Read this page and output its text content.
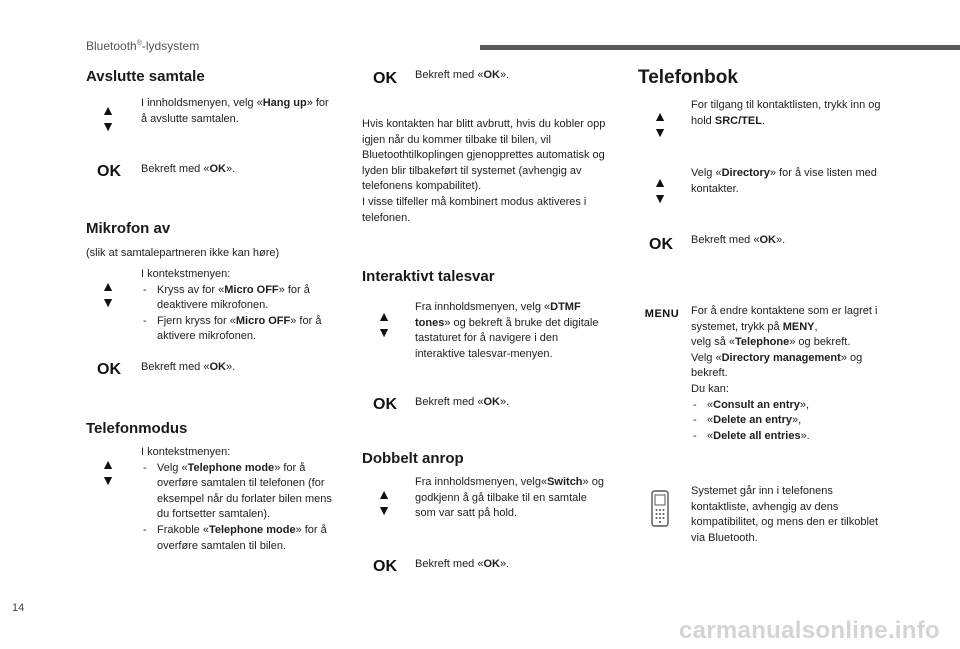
Bluetooth®-lydsystem
Avslutte samtale
▲
▼
I innholdsmenyen, velg «Hang up» for å avslutte samtalen.
OK	Bekreft med «OK».
Mikrofon av
(slik at samtalepartneren ikke kan høre)
▲
▼
I kontekstmenyen:
- Kryss av for «Micro OFF» for å deaktivere mikrofonen.
- Fjern kryss for «Micro OFF» for å aktivere mikrofonen.
OK	Bekreft med «OK».
Telefonmodus
▲
▼
I kontekstmenyen:
- Velg «Telephone mode» for å overføre samtalen til telefonen (for eksempel når du forlater bilen mens du fortsetter samtalen).
- Frakoble «Telephone mode» for å overføre samtalen til bilen.
OK	Bekreft med «OK».
Hvis kontakten har blitt avbrutt, hvis du kobler opp igjen når du kommer tilbake til bilen, vil Bluetoothtilkoplingen gjenopprettes automatisk og lyden blir tilbakeført til systemet (avhengig av telefonens kompabilitet).
I visse tilfeller må kombinert modus aktiveres i telefonen.
Interaktivt talesvar
▲
▼
Fra innholdsmenyen, velg «DTMF tones» og bekreft å bruke det digitale tastaturet for å navigere i den interaktive talesvar-menyen.
OK	Bekreft med «OK».
Dobbelt anrop
▲
▼
Fra innholdsmenyen, velg«Switch» og godkjenn å gå tilbake til en samtale som var satt på hold.
OK	Bekreft med «OK».
Telefonbok
▲
▼
For tilgang til kontaktlisten, trykk inn og hold SRC/TEL.
▲
▼
Velg «Directory» for å vise listen med kontakter.
OK	Bekreft med «OK».
MENU	For å endre kontaktene som er lagret i systemet, trykk på MENY,
velg så «Telephone» og bekreft.
Velg «Directory management» og bekreft.
Du kan:
- «Consult an entry»,
- «Delete an entry»,
- «Delete all entries».
Systemet går inn i telefonens kontaktliste, avhengig av dens kompatibilitet, og mens den er tilkoblet via Bluetooth.
14
carmanualsonline.info
